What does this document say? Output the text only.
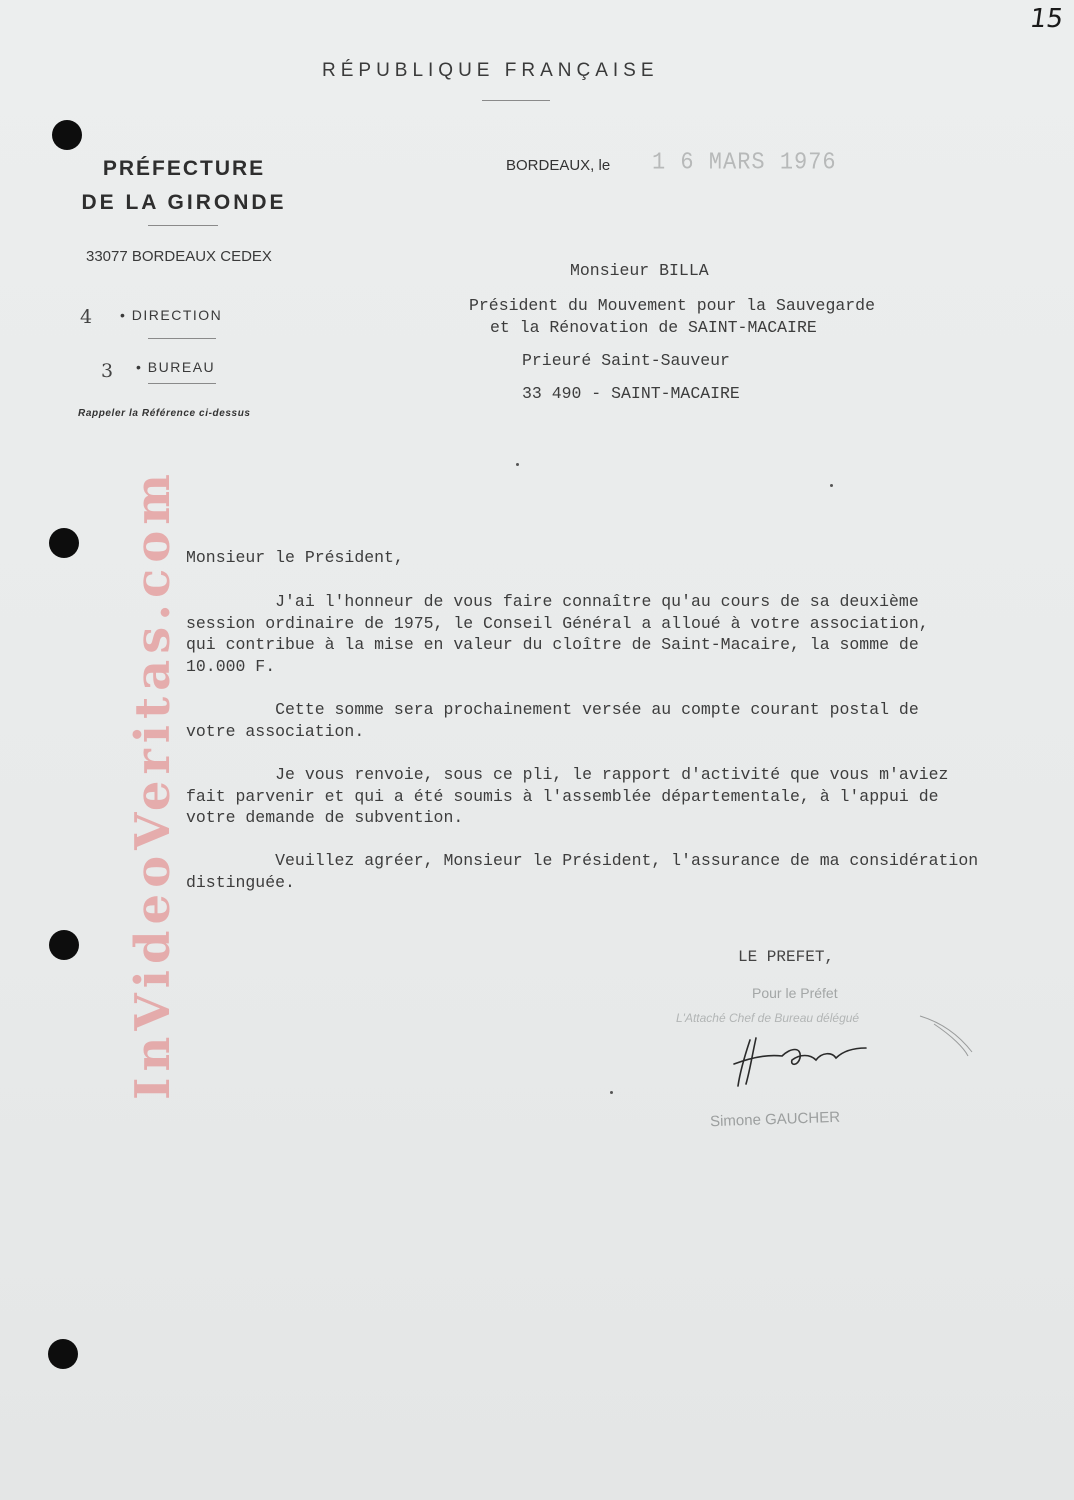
15
RÉPUBLIQUE FRANÇAISE
PRÉFECTURE
DE LA GIRONDE
33077 BORDEAUX CEDEX
4 • DIRECTION
3 • BUREAU
Rappeler la Référence ci-dessus
BORDEAUX, le 1 6 MARS 1976
Monsieur BILLA
Président du Mouvement pour la Sauvegarde
et la Rénovation de SAINT-MACAIRE
Prieuré Saint-Sauveur
33 490 - SAINT-MACAIRE
Monsieur le Président,
J'ai l'honneur de vous faire connaître qu'au cours de sa deuxième
session ordinaire de 1975, le Conseil Général a alloué à votre association,
qui contribue à la mise en valeur du cloître de Saint-Macaire, la somme de
10.000 F.
Cette somme sera prochainement versée au compte courant postal de
votre association.
Je vous renvoie, sous ce pli, le rapport d'activité que vous m'aviez
fait parvenir et qui a été soumis à l'assemblée départementale, à l'appui de
votre demande de subvention.
Veuillez agréer, Monsieur le Président, l'assurance de ma considération
distinguée.
LE PREFET,
Pour le Préfet
L'Attaché Chef de Bureau délégué
Simone GAUCHER
InVideoVeritas.com
